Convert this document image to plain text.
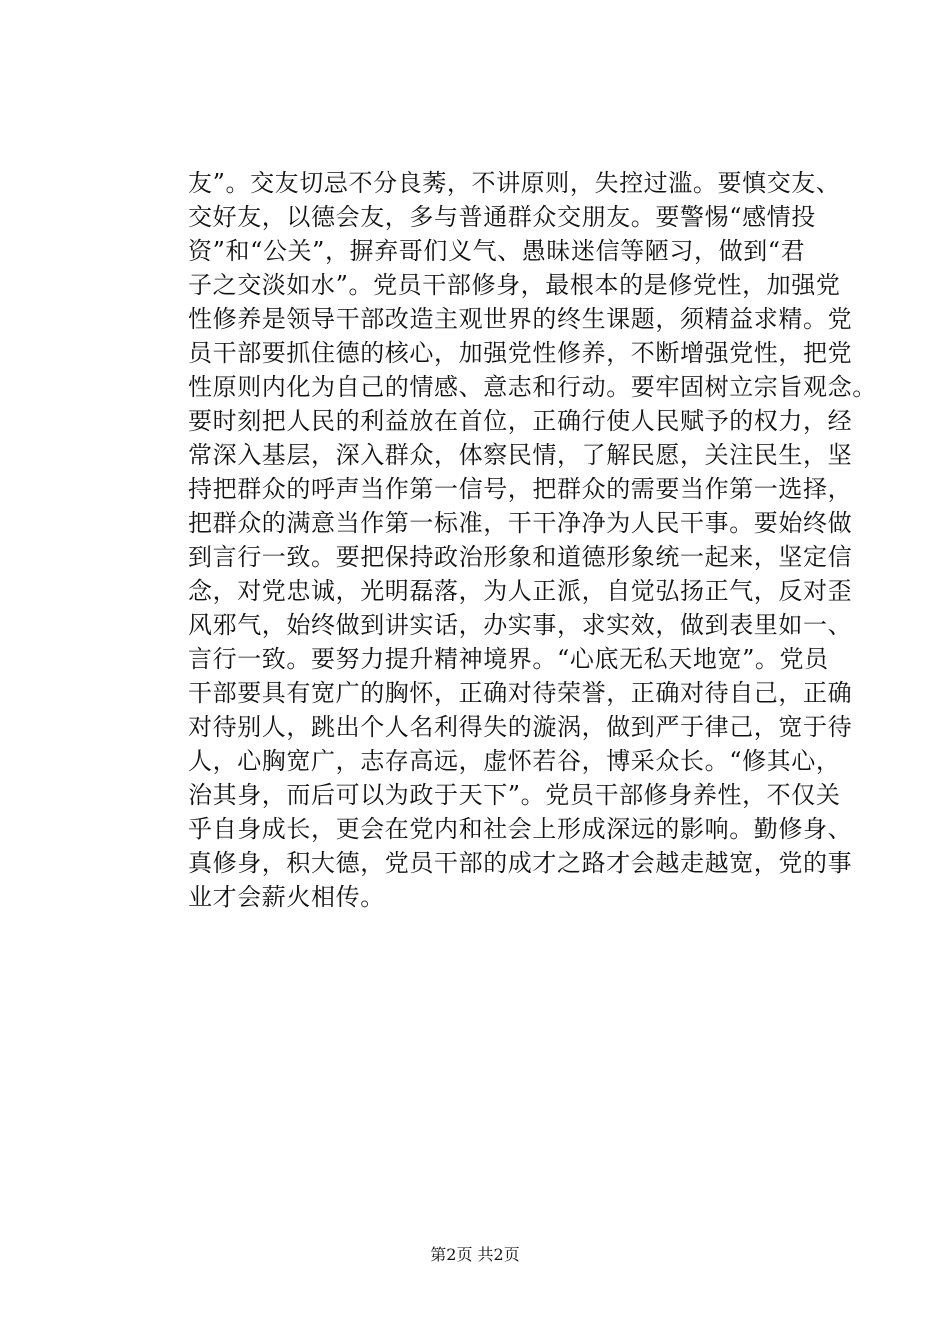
友”。交友切忌不分良莠，不讲原则，失控过滥。要慎交友、
交好友，以德会友，多与普通群众交朋友。要警惕“感情投
资”和“公关”，摒弃哥们义气、愚昧迷信等陋习，做到“君
子之交淡如水”。党员干部修身，最根本的是修党性，加强党
性修养是领导干部改造主观世界的终生课题，须精益求精。党
员干部要抓住德的核心，加强党性修养，不断增强党性，把党
性原则内化为自己的情感、意志和行动。要牢固树立宗旨观念。
要时刻把人民的利益放在首位，正确行使人民赋予的权力，经
常深入基层，深入群众，体察民情，了解民愿，关注民生，坚
持把群众的呼声当作第一信号，把群众的需要当作第一选择，
把群众的满意当作第一标准，干干净净为人民干事。要始终做
到言行一致。要把保持政治形象和道德形象统一起来，坚定信
念，对党忠诚，光明磊落，为人正派，自觉弘扬正气，反对歪
风邪气，始终做到讲实话，办实事，求实效，做到表里如一、
言行一致。要努力提升精神境界。“心底无私天地宽”。党员
干部要具有宽广的胸怀，正确对待荣誉，正确对待自己，正确
对待别人，跳出个人名利得失的漩涡，做到严于律己，宽于待
人，心胸宽广，志存高远，虚怀若谷，博采众长。“修其心，
治其身，而后可以为政于天下”。党员干部修身养性，不仅关
乎自身成长，更会在党内和社会上形成深远的影响。勤修身、
真修身，积大德，党员干部的成才之路才会越走越宽，党的事
业才会薪火相传。
第2页 共2页
